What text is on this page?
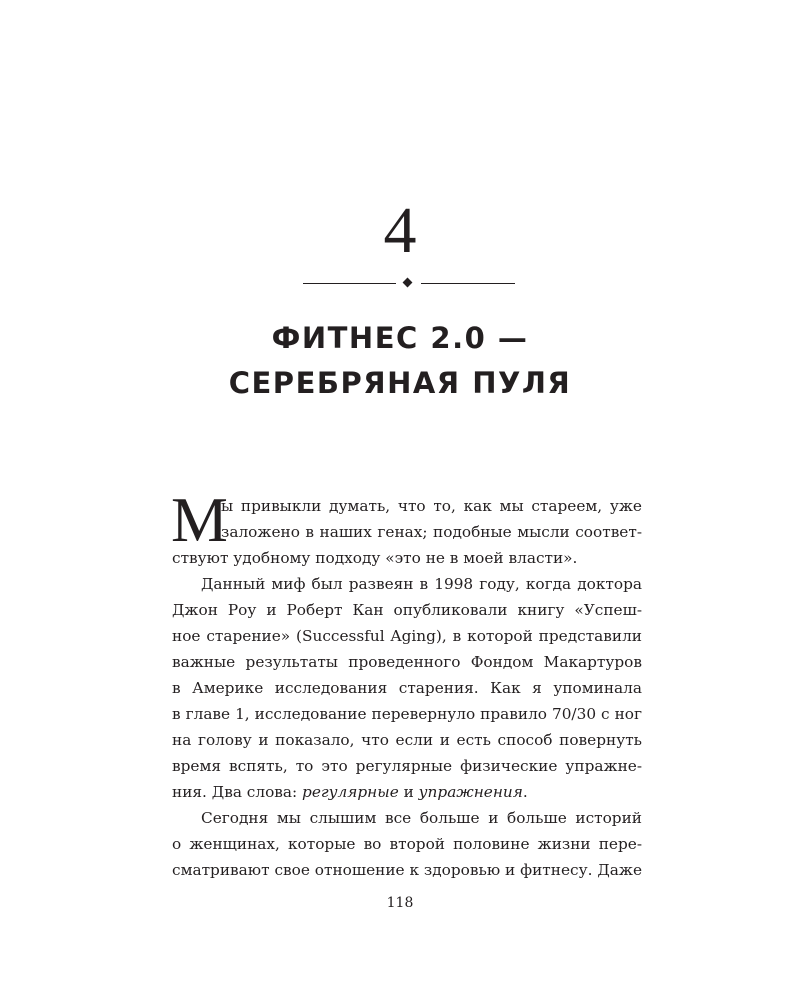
4
ФИТНЕС 2.0 —
СЕРЕБРЯНАЯ ПУЛЯ
М
ы привыкли думать, что то, как мы стареем, уже
заложено в наших генах; подобные мысли соответ-
ствуют удобному подходу «это не в моей власти».
Данный миф был развеян в 1998 году, когда доктора
Джон Роу и Роберт Кан опубликовали книгу «Успеш-
ное старение» (Successful Aging), в которой представили
важные результаты проведенного Фондом Макартуров
в Америке исследования старения. Как я упоминала
в главе 1, исследование перевернуло правило 70/30 с ног
на голову и показало, что если и есть способ повернуть
время вспять, то это регулярные физические упражне-
ния. Два слова: регулярные и упражнения.
Сегодня мы слышим все больше и больше историй
о женщинах, которые во второй половине жизни пере-
сматривают свое отношение к здоровью и фитнесу. Даже
118
